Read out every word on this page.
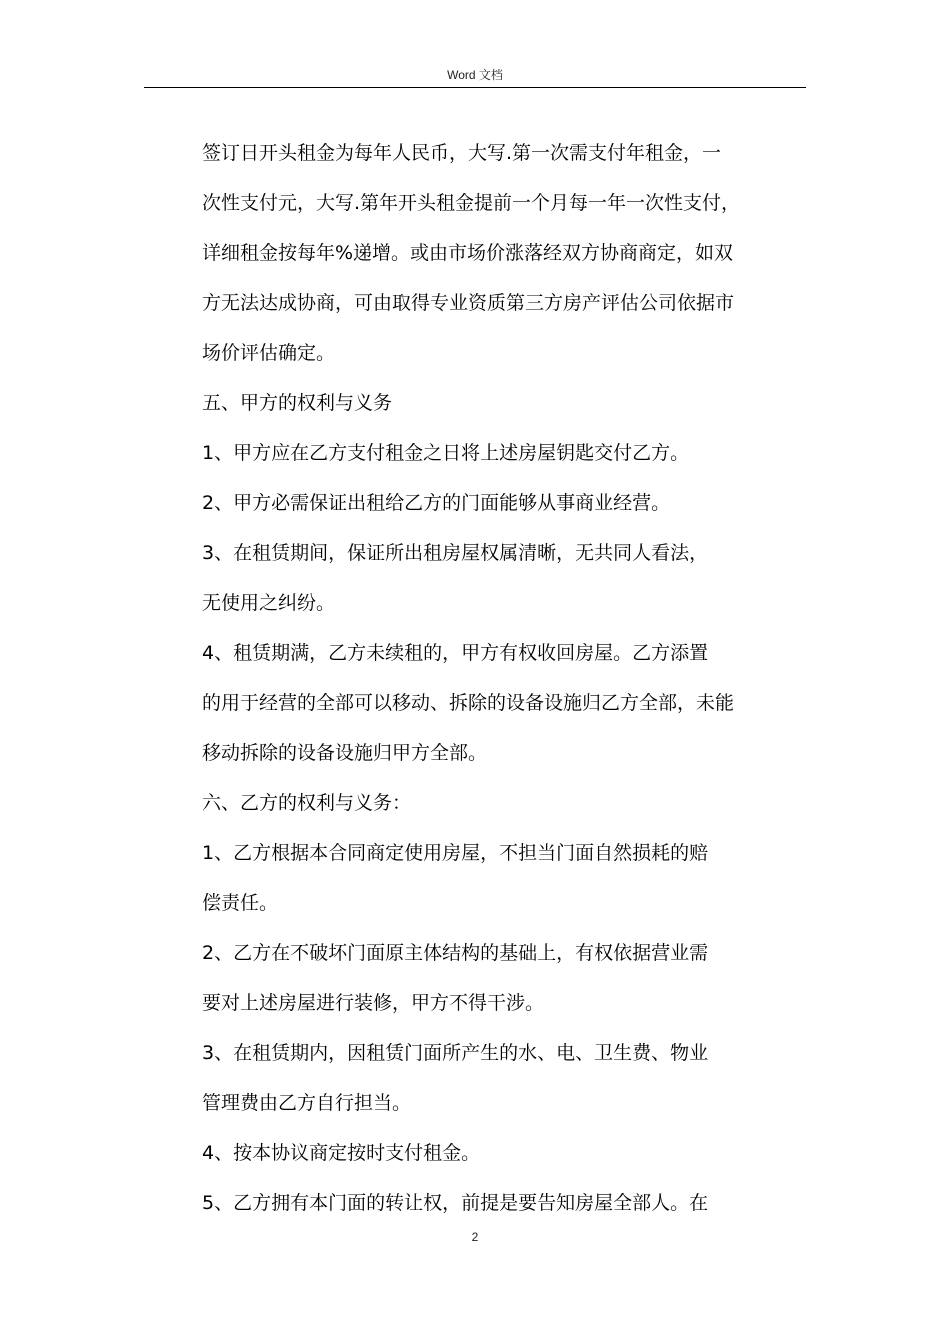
Word 文档

签订日开头租金为每年人民币，大写.第一次需支付年租金，一
次性支付元，大写.第年开头租金提前一个月每一年一次性支付，
详细租金按每年%递增。或由市场价涨落经双方协商商定，如双
方无法达成协商，可由取得专业资质第三方房产评估公司依据市
场价评估确定。

五、甲方的权利与义务

1、甲方应在乙方支付租金之日将上述房屋钥匙交付乙方。

2、甲方必需保证出租给乙方的门面能够从事商业经营。

3、在租赁期间，保证所出租房屋权属清晰，无共同人看法，
无使用之纠纷。

4、租赁期满，乙方未续租的，甲方有权收回房屋。乙方添置
的用于经营的全部可以移动、拆除的设备设施归乙方全部，未能
移动拆除的设备设施归甲方全部。

六、乙方的权利与义务：

1、乙方根据本合同商定使用房屋，不担当门面自然损耗的赔
偿责任。

2、乙方在不破坏门面原主体结构的基础上，有权依据营业需
要对上述房屋进行装修，甲方不得干涉。

3、在租赁期内，因租赁门面所产生的水、电、卫生费、物业
管理费由乙方自行担当。

4、按本协议商定按时支付租金。

5、乙方拥有本门面的转让权，前提是要告知房屋全部人。在

2
